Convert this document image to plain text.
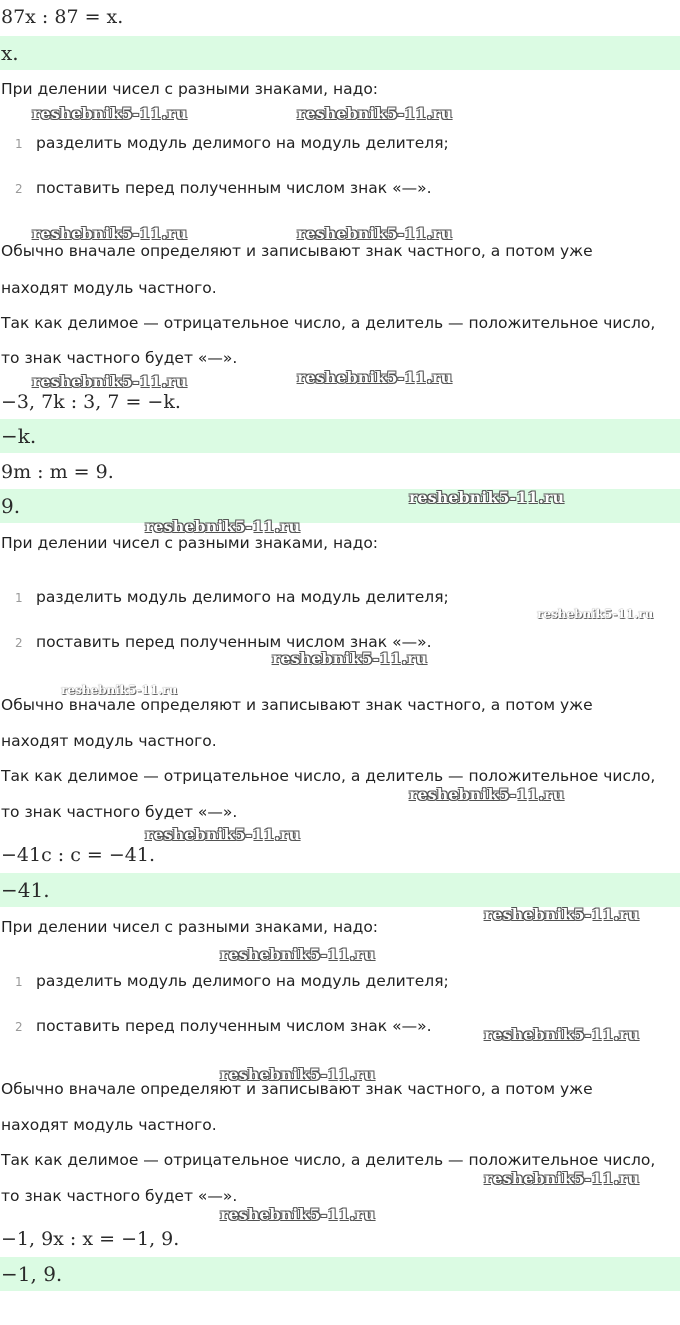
87x : 87 = x.
x.
При делении чисел с разными знаками, надо:
1 разделить модуль делимого на модуль делителя;
2 поставить перед полученным числом знак «—».
Обычно вначале определяют и записывают знак частного, а потом уже
находят модуль частного.
Так как делимое — отрицательное число, а делитель — положительное число,
то знак частного будет «—».
−3, 7k : 3, 7 = −k.
−k.
9m : m = 9.
9.
При делении чисел с разными знаками, надо:
1 разделить модуль делимого на модуль делителя;
2 поставить перед полученным числом знак «—».
Обычно вначале определяют и записывают знак частного, а потом уже
находят модуль частного.
Так как делимое — отрицательное число, а делитель — положительное число,
то знак частного будет «—».
−41c : c = −41.
−41.
При делении чисел с разными знаками, надо:
1 разделить модуль делимого на модуль делителя;
2 поставить перед полученным числом знак «—».
Обычно вначале определяют и записывают знак частного, а потом уже
находят модуль частного.
Так как делимое — отрицательное число, а делитель — положительное число,
то знак частного будет «—».
−1, 9x : x = −1, 9.
−1, 9.
reshebnik5-11.ru	reshebnik5-11.ru
reshebnik5-11.ru	reshebnik5-11.ru
reshebnik5-11.ru	reshebnik5-11.ru
reshebnik5-11.ru
reshebnik5-11.ru
reshebnik5-11.ru
reshebnik5-11.ru
reshebnik5-11.ru
reshebnik5-11.ru
reshebnik5-11.ru
reshebnik5-11.ru
reshebnik5-11.ru
reshebnik5-11.ru
reshebnik5-11.ru
reshebnik5-11.ru
reshebnik5-11.ru
